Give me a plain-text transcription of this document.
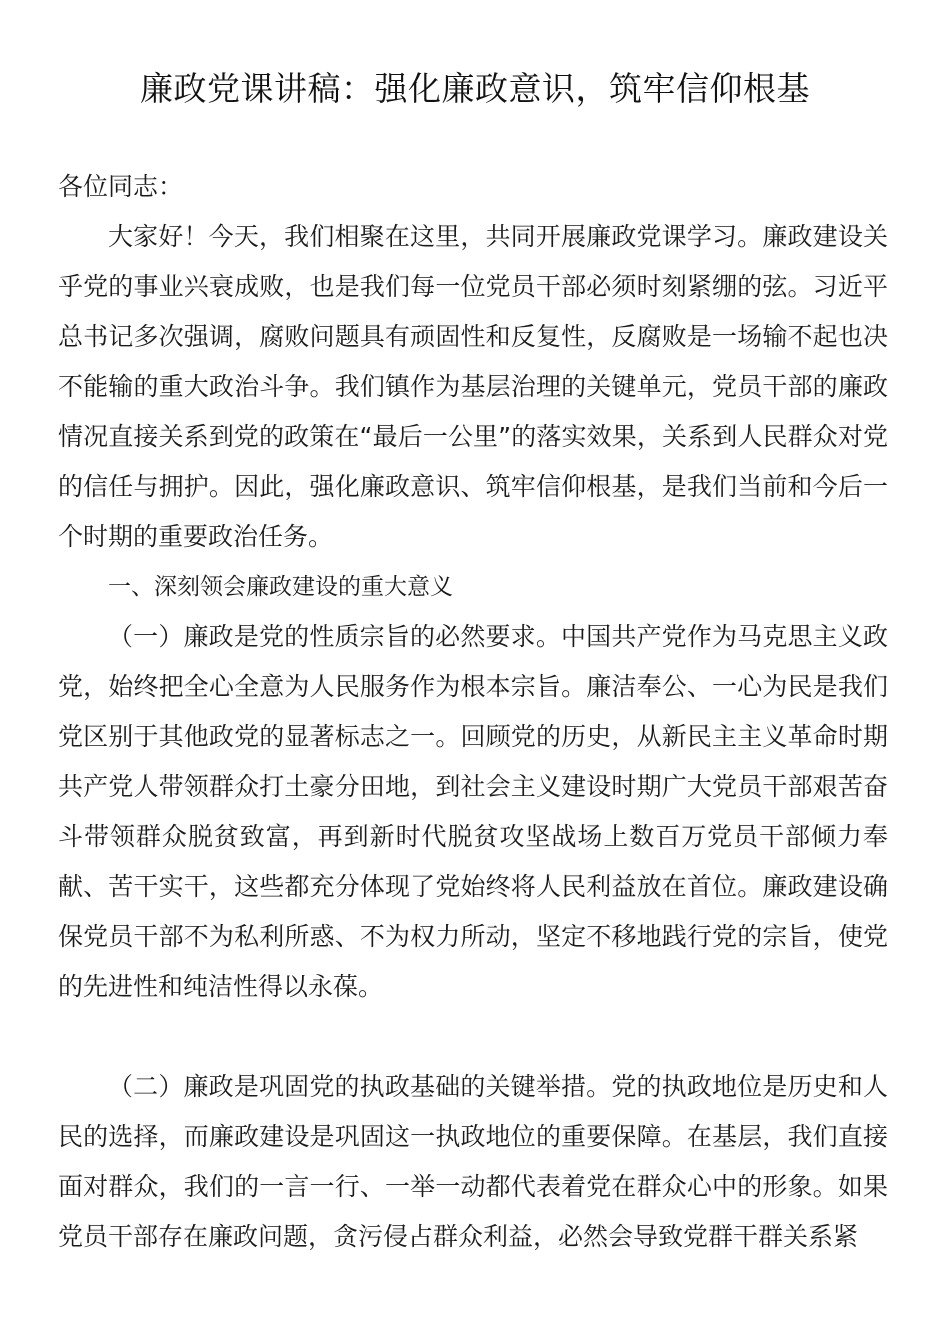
廉政党课讲稿：强化廉政意识，筑牢信仰根基

各位同志：

大家好！今天，我们相聚在这里，共同开展廉政党课学习。廉政建设关乎党的事业兴衰成败，也是我们每一位党员干部必须时刻紧绷的弦。习近平总书记多次强调，腐败问题具有顽固性和反复性，反腐败是一场输不起也决不能输的重大政治斗争。我们镇作为基层治理的关键单元，党员干部的廉政情况直接关系到党的政策在“最后一公里”的落实效果，关系到人民群众对党的信任与拥护。因此，强化廉政意识、筑牢信仰根基，是我们当前和今后一个时期的重要政治任务。

一、深刻领会廉政建设的重大意义

（一）廉政是党的性质宗旨的必然要求。中国共产党作为马克思主义政党，始终把全心全意为人民服务作为根本宗旨。廉洁奉公、一心为民是我们党区别于其他政党的显著标志之一。回顾党的历史，从新民主主义革命时期共产党人带领群众打土豪分田地，到社会主义建设时期广大党员干部艰苦奋斗带领群众脱贫致富，再到新时代脱贫攻坚战场上数百万党员干部倾力奉献、苦干实干，这些都充分体现了党始终将人民利益放在首位。廉政建设确保党员干部不为私利所惑、不为权力所动，坚定不移地践行党的宗旨，使党的先进性和纯洁性得以永葆。

（二）廉政是巩固党的执政基础的关键举措。党的执政地位是历史和人民的选择，而廉政建设是巩固这一执政地位的重要保障。在基层，我们直接面对群众，我们的一言一行、一举一动都代表着党在群众心中的形象。如果党员干部存在廉政问题，贪污侵占群众利益，必然会导致党群干群关系紧
